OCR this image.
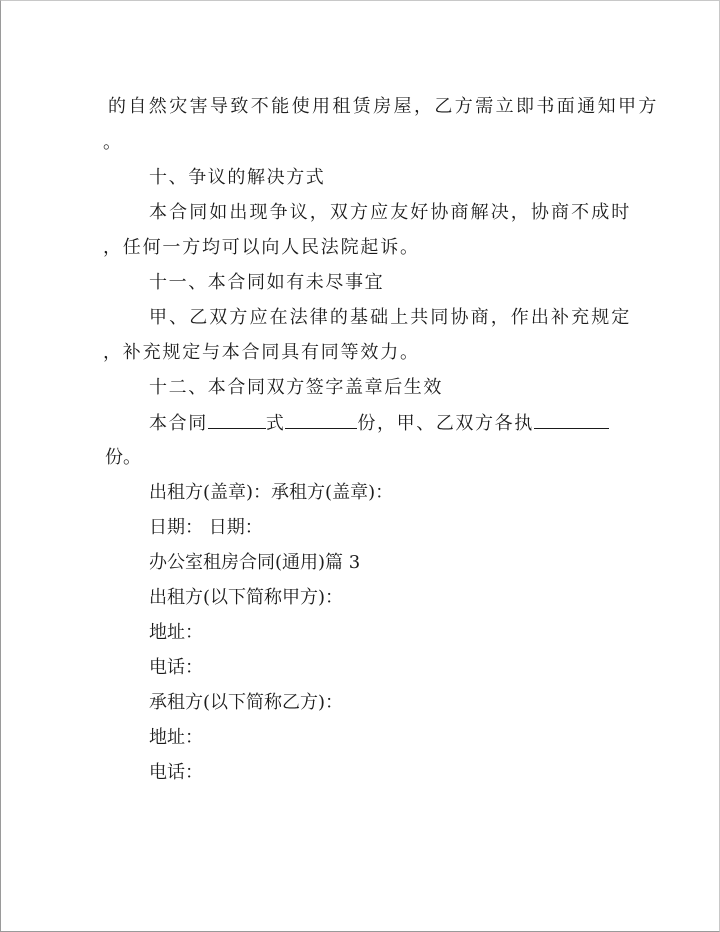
的自然灾害导致不能使用租赁房屋，乙方需立即书面通知甲方

。

十、争议的解决方式

本合同如出现争议，双方应友好协商解决，协商不成时

，任何一方均可以向人民法院起诉。

十一、本合同如有未尽事宜

甲、乙双方应在法律的基础上共同协商，作出补充规定

，补充规定与本合同具有同等效力。

十二、本合同双方签字盖章后生效

本合同	式	份，甲、乙双方各执

份。

出租方(盖章)：承租方(盖章)：

日期： 日期：

办公室租房合同(通用)篇 3

出租方(以下简称甲方)：

地址：

电话：

承租方(以下简称乙方)：

地址：

电话：
